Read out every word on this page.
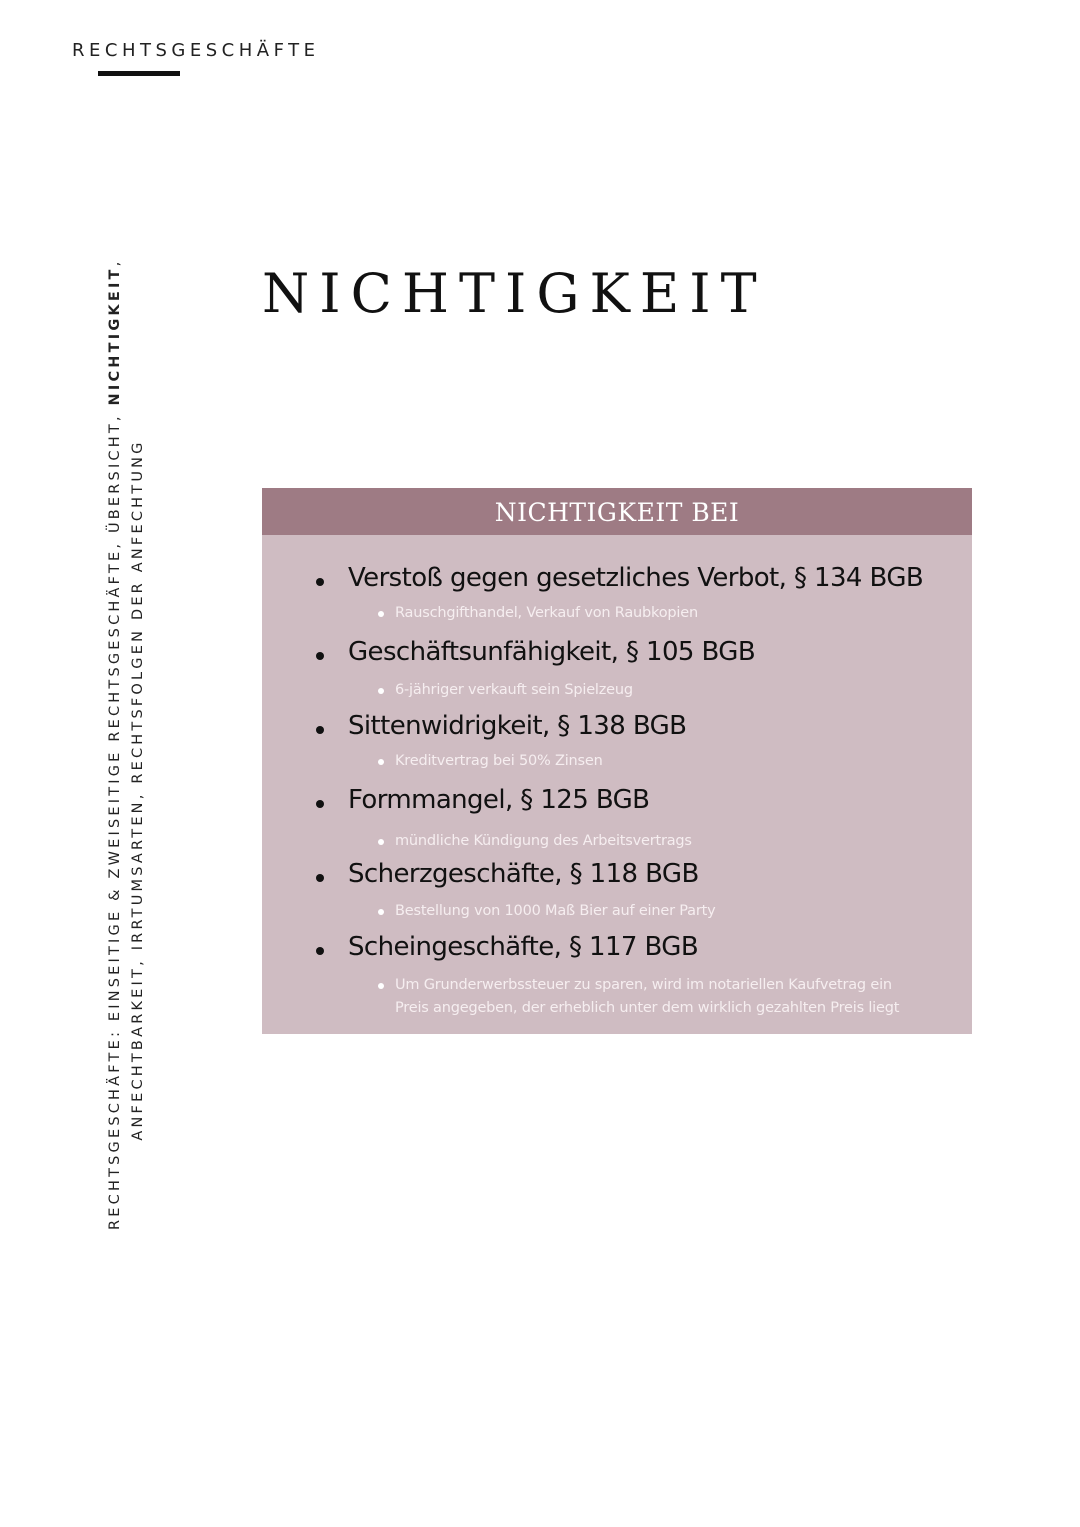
RECHTSGESCHÄFTE
RECHTSGESCHÄFTE: EINSEITIGE & ZWEISEITIGE RECHTSGESCHÄFTE, ÜBERSICHT, NICHTIGKEIT,
ANFECHTBARKEIT, IRRTUMSARTEN, RECHTSFOLGEN DER ANFECHTUNG
NICHTIGKEIT
NICHTIGKEIT BEI
Verstoß gegen gesetzliches Verbot, § 134 BGB
Rauschgifthandel, Verkauf von Raubkopien
Geschäftsunfähigkeit, § 105 BGB
6-jähriger verkauft sein Spielzeug
Sittenwidrigkeit, § 138 BGB
Kreditvertrag bei 50% Zinsen
Formmangel, § 125 BGB
mündliche Kündigung des Arbeitsvertrags
Scherzgeschäfte, § 118 BGB
Bestellung von 1000 Maß Bier auf einer Party
Scheingeschäfte, § 117 BGB
Um Grunderwerbssteuer zu sparen, wird im notariellen Kaufvetrag ein
Preis angegeben, der erheblich unter dem wirklich gezahlten Preis liegt
